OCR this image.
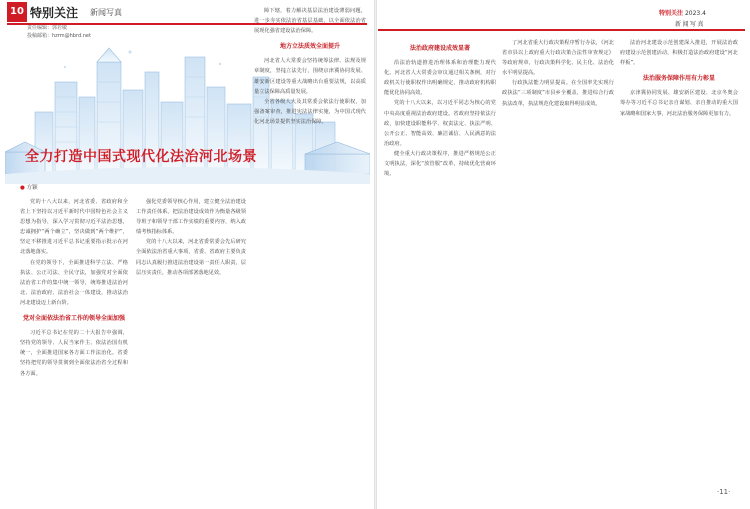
10 特别关注 新闻写真
责任编辑：郭若敏
投稿邮箱：hzrm@hbrd.net
全力打造中国式现代化法治河北场景
● 方颖

党的十八大以来，河北省委、省政府和全省上下坚持以习近平新时代中国特色社会主义思想为指导，深入学习贯彻习近平法治思想，忠诚拥护“两个确立”，坚决做到“两个维护”，坚定不移推进习近平总书记重要指示批示在河北落地落实。

在党的领导下，全面推进科学立法、严格执法、公正司法、全民守法，加强党对全面依法治省工作的集中统一领导，统筹推进法治河北、法治政府、法治社会一体建设，推动法治河北建设迈上新台阶。

党对全面依法治省工作的领导全面加强

习近平总书记在党的二十大报告中强调，坚持党的领导、人民当家作主、依法治国有机统一，全面推进国家各方面工作法治化。省委坚持把党的领导贯彻到全面依法治省全过程和各方面。

强化党委领导核心作用，建立健全法治建设工作责任体系。把法治建设成效作为衡量各级领导班子和领导干部工作实绩的重要内容，纳入政绩考核指标体系。

党的十八大以来，河北省委常委会先后研究全面依法治省重大事项，省委、省政府主要负责同志认真履行推进法治建设第一责任人职责，层层压实责任，推动各项部署落地见效。

障下辖，着力解决基层法治建设薄弱问题，进一步夯实依法治省基层基础，以全面依法治省展现化强省建设法治保障。

地方立法质效全面提升

河北省人大常委会坚持统筹法律、法规及规章制度，坚持立法先行，围绕京津冀协同发展、雄安新区建设等重大战略出台重要法规，以高质量立法保障高质量发展。

全省各级人大及其常委会依法行使职权，加强备案审查，推进宪法法律实施，为中国式现代化河北场景提供坚实法治保障。

特别关注 2023.4
新闻写真
法治政府建设成效显著

沿法治轨道推进治理体系和治理能力现代化。河北省人大常委会审议通过相关条例，对行政机关行使职权作出明确规定，推动政府机构职能优化协同高效。

党的十八大以来，以习近平同志为核心的党中央高度重视法治政府建设。省政府坚持依法行政，加快建设职能科学、权责法定、执法严明、公开公正、智能高效、廉洁诚信、人民满意的法治政府。

健全重大行政决策程序，推进严格规范公正文明执法，深化“放管服”改革，持续优化营商环境。

了河北省重大行政决策程序暂行办法，《河北省市县以上政府重大行政决策合法性审查规定》等政府规章，行政决策科学化、民主化、法治化水平明显提高。

行政执法能力明显提高。在全国率先实现行政执法“三项制度”市县乡全覆盖，推进综合行政执法改革，执法规范化建设取得明显成效。

法治河北建设示范创建深入推进，开展法治政府建设示范创建活动，积极打造法治政府建设“河北样板”。

法治服务保障作用有力彰显

京津冀协同发展、雄安新区建设、北京冬奥会筹办等习近平总书记亲自谋划、亲自推动的重大国家战略和国家大事，河北法治服务保障更加有力。

·11·
